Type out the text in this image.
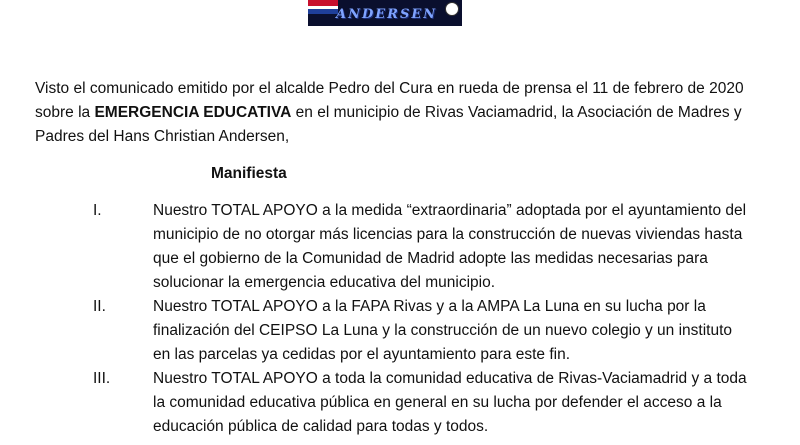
ANDERSEN

Visto el comunicado emitido por el alcalde Pedro del Cura en rueda de prensa el 11 de febrero de 2020 sobre la EMERGENCIA EDUCATIVA en el municipio de Rivas Vaciamadrid, la Asociación de Madres y Padres del Hans Christian Andersen,

Manifiesta

I.	Nuestro TOTAL APOYO a la medida “extraordinaria” adoptada por el ayuntamiento del municipio de no otorgar más licencias para la construcción de nuevas viviendas hasta que el gobierno de la Comunidad de Madrid adopte las medidas necesarias para solucionar la emergencia educativa del municipio.
II.	Nuestro TOTAL APOYO a la FAPA Rivas y a la AMPA La Luna en su lucha por la finalización del CEIPSO La Luna y la construcción de un nuevo colegio y un instituto en las parcelas ya cedidas por el ayuntamiento para este fin.
III.	Nuestro TOTAL APOYO a toda la comunidad educativa de Rivas-Vaciamadrid y a toda la comunidad educativa pública en general en su lucha por defender el acceso a la educación pública de calidad para todas y todos.
